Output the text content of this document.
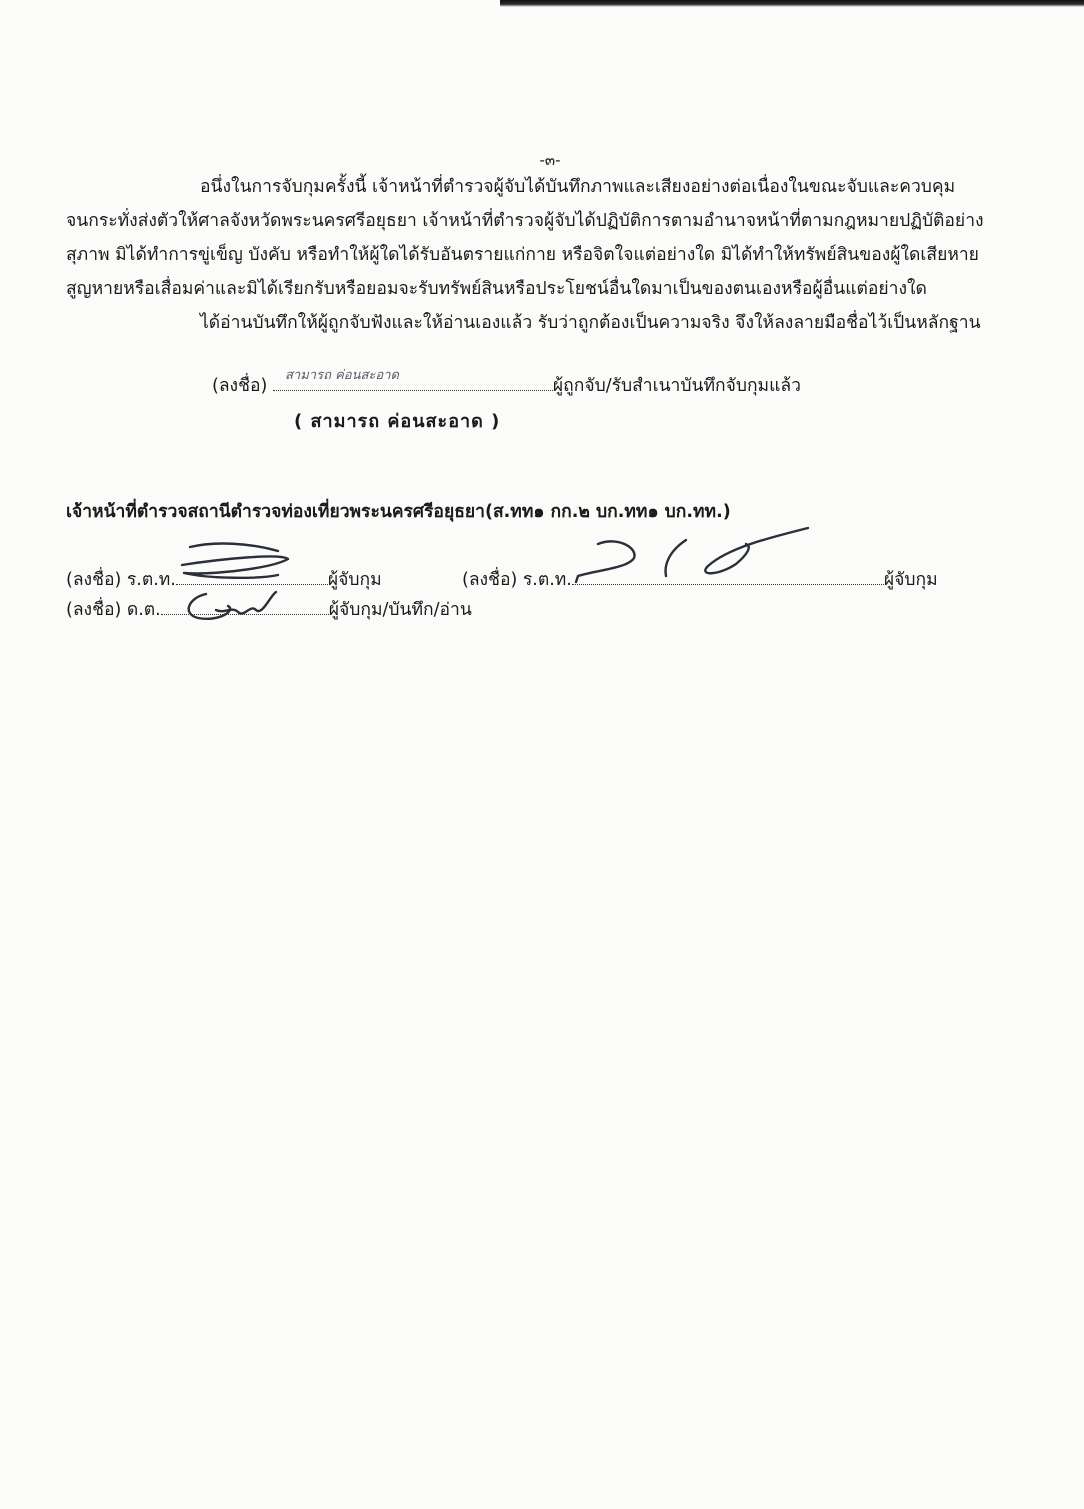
-๓-
อนึ่งในการจับกุมครั้งนี้ เจ้าหน้าที่ตำรวจผู้จับได้บันทึกภาพและเสียงอย่างต่อเนื่องในขณะจับและควบคุม
จนกระทั่งส่งตัวให้ศาลจังหวัดพระนครศรีอยุธยา เจ้าหน้าที่ตำรวจผู้จับได้ปฏิบัติการตามอำนาจหน้าที่ตามกฎหมายปฏิบัติอย่าง
สุภาพ มิได้ทำการขู่เข็ญ บังคับ หรือทำให้ผู้ใดได้รับอันตรายแก่กาย หรือจิตใจแต่อย่างใด มิได้ทำให้ทรัพย์สินของผู้ใดเสียหาย
สูญหายหรือเสื่อมค่าและมิได้เรียกรับหรือยอมจะรับทรัพย์สินหรือประโยชน์อื่นใดมาเป็นของตนเองหรือผู้อื่นแต่อย่างใด
ได้อ่านบันทึกให้ผู้ถูกจับฟังและให้อ่านเองแล้ว รับว่าถูกต้องเป็นความจริง จึงให้ลงลายมือชื่อไว้เป็นหลักฐาน
(ลงชื่อ)	ผู้ถูกจับ/รับสำเนาบันทึกจับกุมแล้ว
สามารถ ค่อนสะอาด
( สามารถ ค่อนสะอาด )
เจ้าหน้าที่ตำรวจสถานีตำรวจท่องเที่ยวพระนครศรีอยุธยา(ส.ทท๑ กก.๒ บก.ทท๑ บก.ทท.)
(ลงชื่อ) ร.ต.ท.	ผู้จับกุม	(ลงชื่อ) ร.ต.ท.	ผู้จับกุม
(ลงชื่อ) ด.ต.	ผู้จับกุม/บันทึก/อ่าน
